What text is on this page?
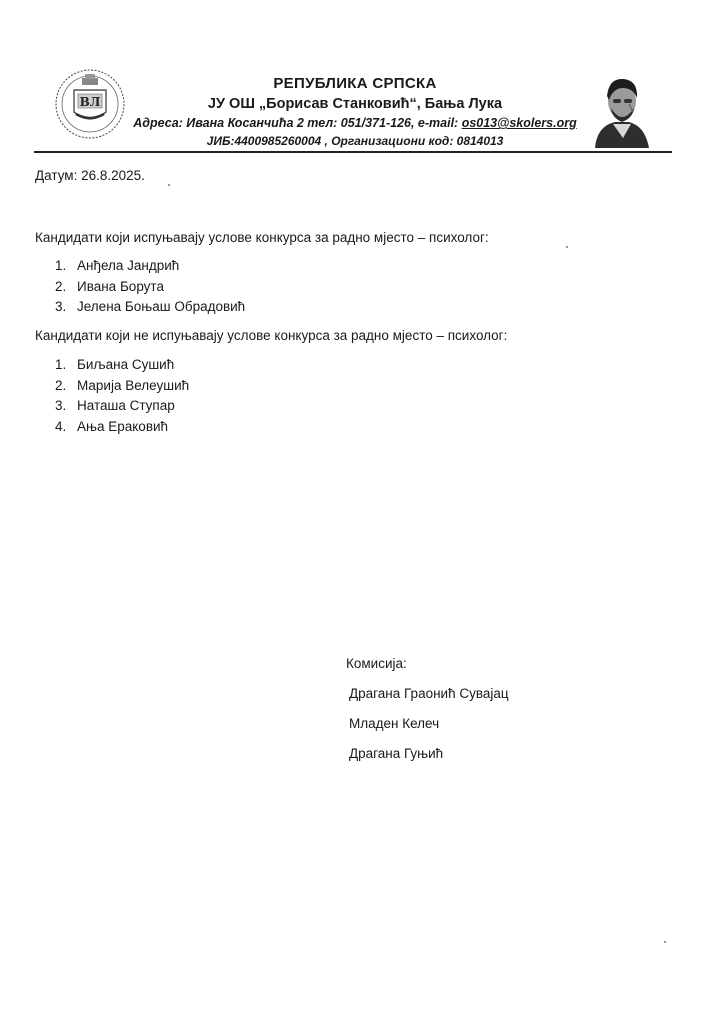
ВЛ
РЕПУБЛИКА СРПСКА
ЈУ ОШ „Борисав Станковић“, Бања Лука
Адреса: Ивана Косанчића 2 тел: 051/371-126, e-mail: os013@skolers.org
ЈИБ:4400985260004 , Организациони код: 0814013
Датум: 26.8.2025.
Кандидати који испуњавају услове конкурса за радно мјесто – психолог:
1. Анђела Јандрић
2. Ивана Борута
3. Јелена Боњаш Обрадовић
Кандидати који не испуњавају услове конкурса за радно мјесто – психолог:
1. Биљана Сушић
2. Марија Велеушић
3. Наташа Ступар
4. Ања Ераковић
Комисија:
Драгана Граонић Сувајац
Младен Келеч
Драгана Гуњић
